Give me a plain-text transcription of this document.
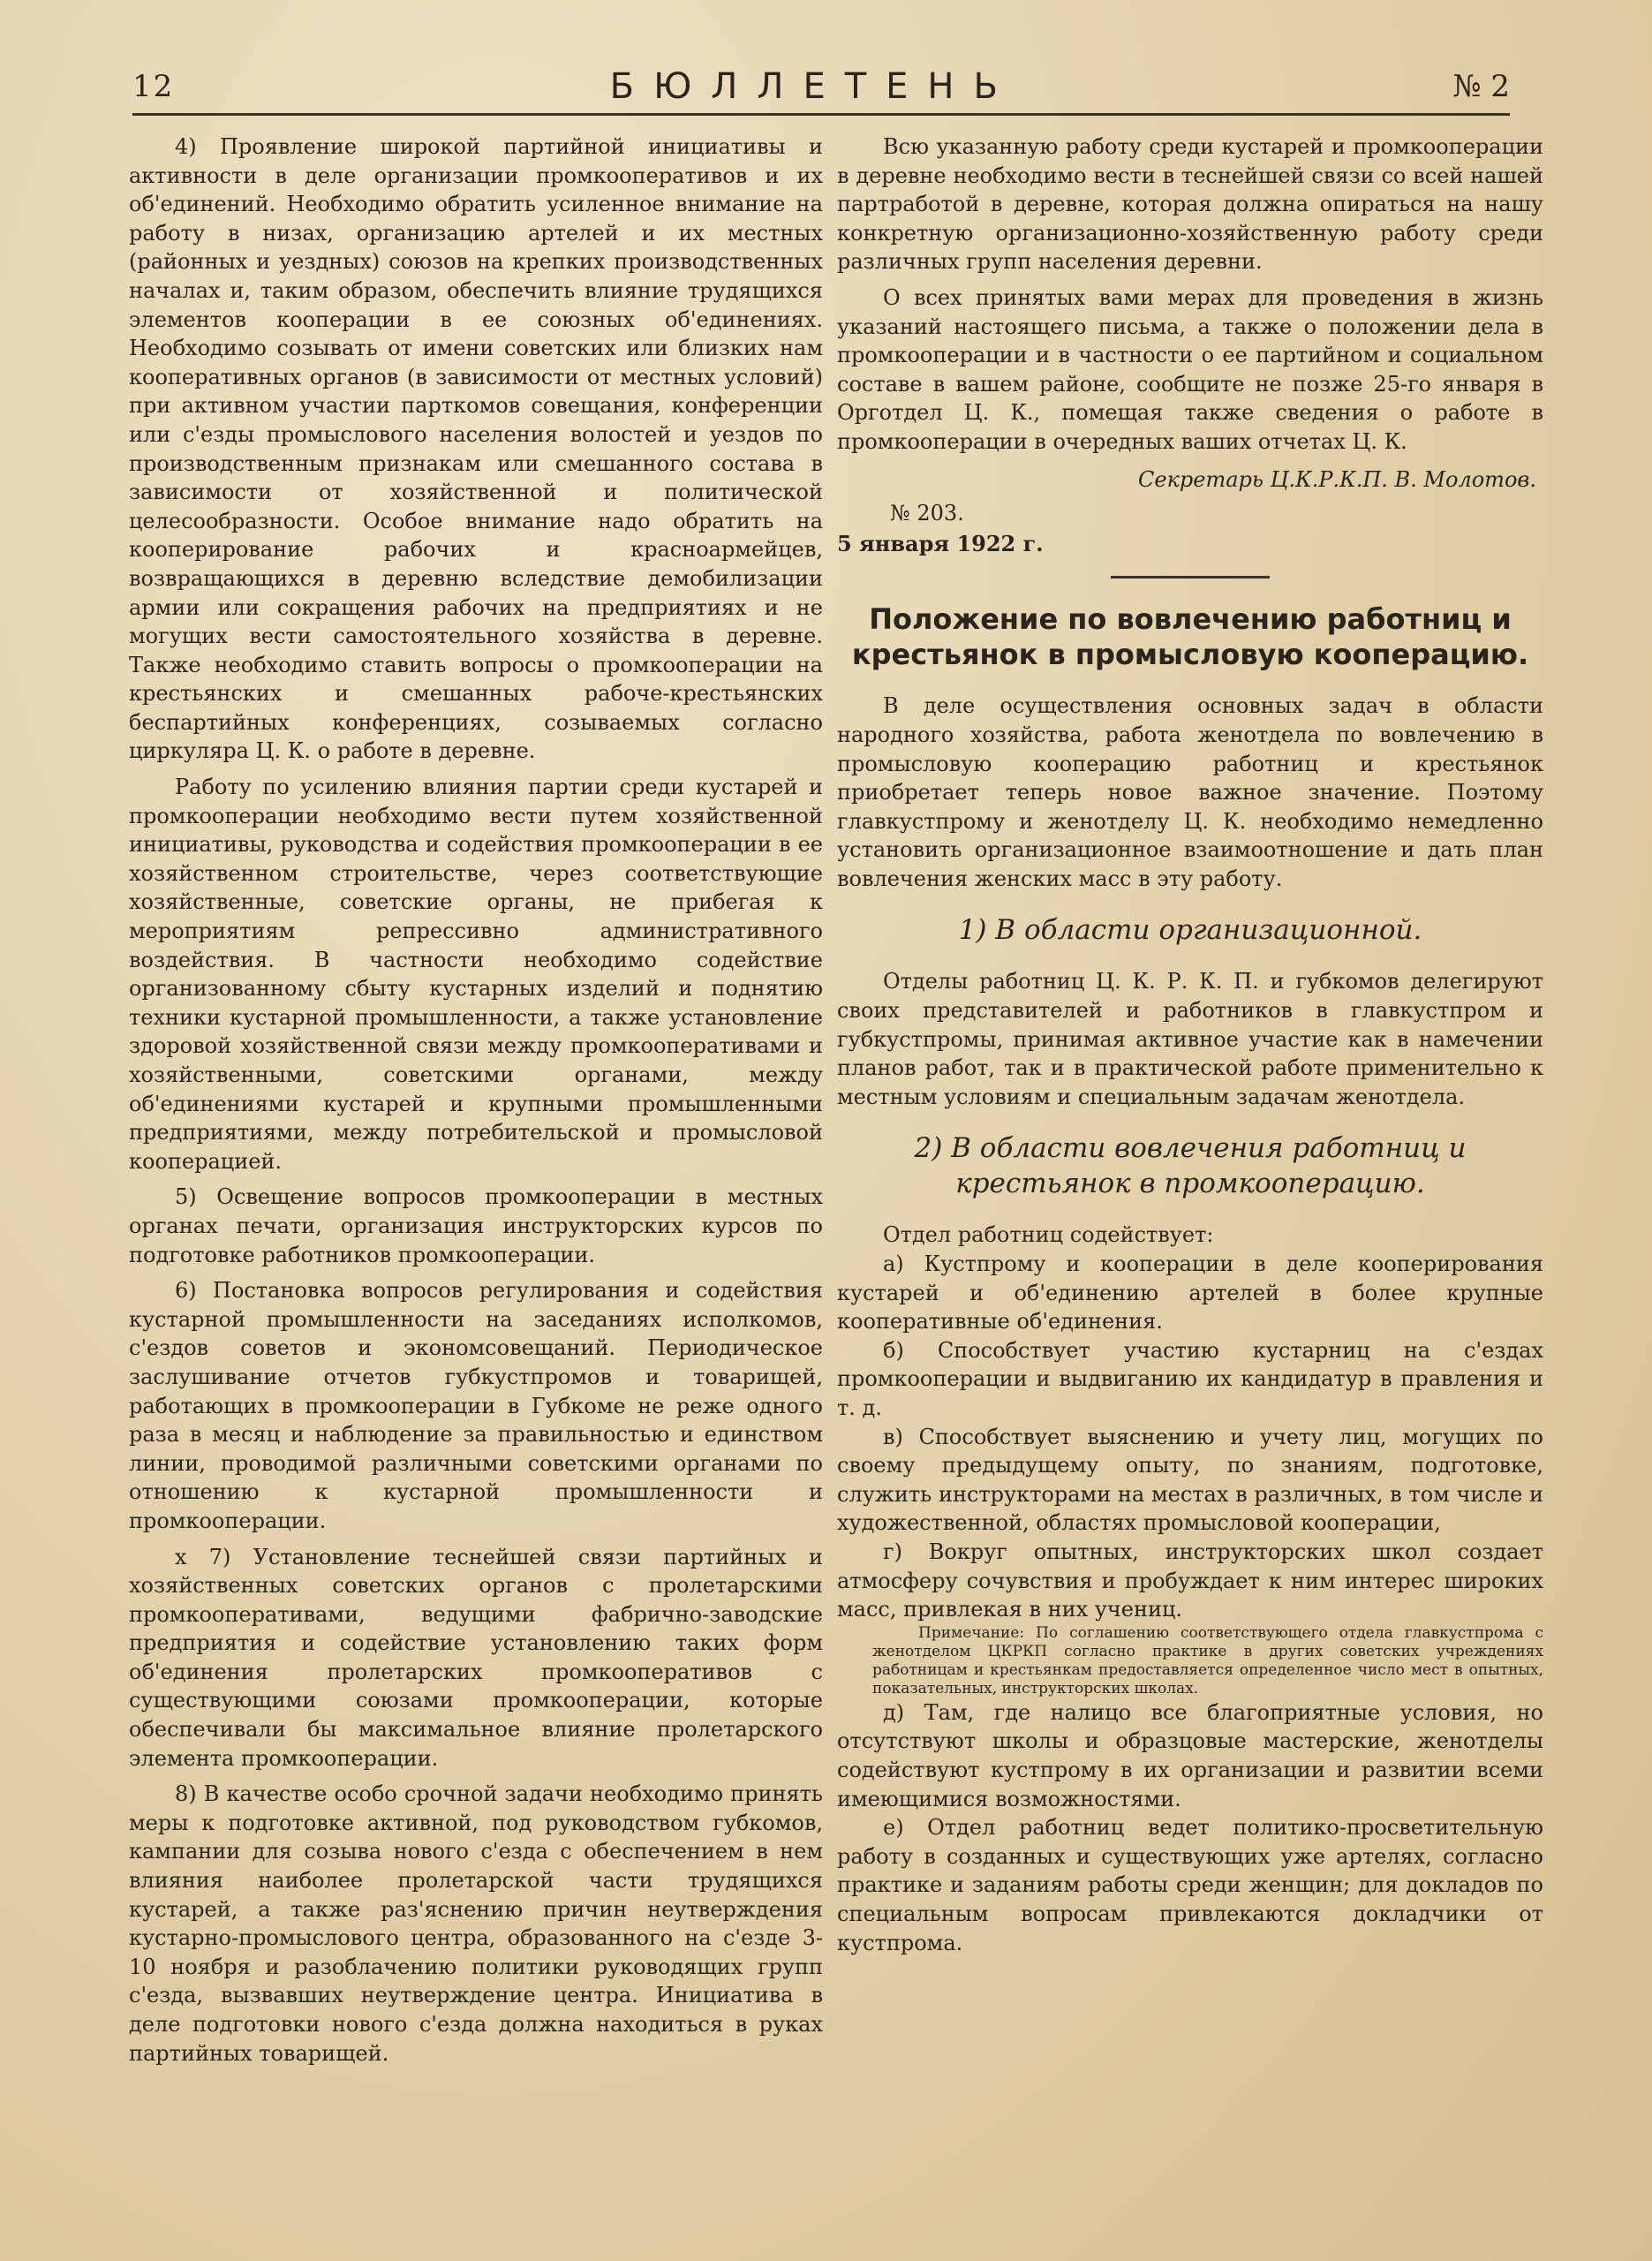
12	БЮЛЛЕТЕНЬ	№ 2

4) Проявление широкой партийной инициативы и активности в деле организации промкооперативов и их об'единений. Необходимо обратить усиленное внимание на работу в низах, организацию артелей и их местных (районных и уездных) союзов на крепких производственных началах и, таким образом, обеспечить влияние трудящихся элементов кооперации в ее союзных об'единениях. Необходимо созывать от имени советских или близких нам кооперативных органов (в зависимости от местных условий) при активном участии парткомов совещания, конференции или с'езды промыслового населения волостей и уездов по производственным признакам или смешанного состава в зависимости от хозяйственной и политической целесообразности. Особое внимание надо обратить на кооперирование рабочих и красноармейцев, возвращающихся в деревню вследствие демобилизации армии или сокращения рабочих на предприятиях и не могущих вести самостоятельного хозяйства в деревне. Также необходимо ставить вопросы о промкооперации на крестьянских и смешанных рабоче-крестьянских беспартийных конференциях, созываемых согласно циркуляра Ц. К. о работе в деревне.

Работу по усилению влияния партии среди кустарей и промкооперации необходимо вести путем хозяйственной инициативы, руководства и содействия промкооперации в ее хозяйственном строительстве, через соответствующие хозяйственные, советские органы, не прибегая к мероприятиям репрессивно административного воздействия. В частности необходимо содействие организованному сбыту кустарных изделий и поднятию техники кустарной промышленности, а также установление здоровой хозяйственной связи между промкооперативами и хозяйственными, советскими органами, между об'единениями кустарей и крупными промышленными предприятиями, между потребительской и промысловой кооперацией.

5) Освещение вопросов промкооперации в местных органах печати, организация инструкторских курсов по подготовке работников промкооперации.

6) Постановка вопросов регулирования и содействия кустарной промышленности на заседаниях исполкомов, с'ездов советов и экономсовещаний. Периодическое заслушивание отчетов губкустпромов и товарищей, работающих в промкооперации в Губкоме не реже одного раза в месяц и наблюдение за правильностью и единством линии, проводимой различными советскими органами по отношению к кустарной промышленности и промкооперации.

x 7) Установление теснейшей связи партийных и хозяйственных советских органов с пролетарскими промкооперативами, ведущими фабрично-заводские предприятия и содействие установлению таких форм об'единения пролетарских промкооперативов с существующими союзами промкооперации, которые обеспечивали бы максимальное влияние пролетарского элемента промкооперации.

8) В качестве особо срочной задачи необходимо принять меры к подготовке активной, под руководством губкомов, кампании для созыва нового с'езда с обеспечением в нем влияния наиболее пролетарской части трудящихся кустарей, а также раз'яснению причин неутверждения кустарно-промыслового центра, образованного на с'езде 3-10 ноября и разоблачению политики руководящих групп с'езда, вызвавших неутверждение центра. Инициатива в деле подготовки нового с'езда должна находиться в руках партийных товарищей.

Всю указанную работу среди кустарей и промкооперации в деревне необходимо вести в теснейшей связи со всей нашей партработой в деревне, которая должна опираться на нашу конкретную организационно-хозяйственную работу среди различных групп населения деревни.

О всех принятых вами мерах для проведения в жизнь указаний настоящего письма, а также о положении дела в промкооперации и в частности о ее партийном и социальном составе в вашем районе, сообщите не позже 25-го января в Орготдел Ц. К., помещая также сведения о работе в промкооперации в очередных ваших отчетах Ц. К.

Секретарь Ц.К.Р.К.П. В. Молотов.
№ 203.
5 января 1922 г.
Положение по вовлечению работниц и крестьянок в промысловую кооперацию.

В деле осуществления основных задач в области народного хозяйства, работа женотдела по вовлечению в промысловую кооперацию работниц и крестьянок приобретает теперь новое важное значение. Поэтому главкустпрому и женотделу Ц. К. необходимо немедленно установить организационное взаимоотношение и дать план вовлечения женских масс в эту работу.

1) В области организационной.

Отделы работниц Ц. К. Р. К. П. и губкомов делегируют своих представителей и работников в главкустпром и губкустпромы, принимая активное участие как в намечении планов работ, так и в практической работе применительно к местным условиям и специальным задачам женотдела.

2) В области вовлечения работниц и крестьянок в промкооперацию.

Отдел работниц содействует:

а) Кустпрому и кооперации в деле кооперирования кустарей и об'единению артелей в более крупные кооперативные об'единения.

б) Способствует участию кустарниц на с'ездах промкооперации и выдвиганию их кандидатур в правления и т. д.

в) Способствует выяснению и учету лиц, могущих по своему предыдущему опыту, по знаниям, подготовке, служить инструкторами на местах в различных, в том числе и художественной, областях промысловой кооперации,

г) Вокруг опытных, инструкторских школ создает атмосферу сочувствия и пробуждает к ним интерес широких масс, привлекая в них учениц.

Примечание: По соглашению соответствующего отдела главкустпрома с женотделом ЦКРКП согласно практике в других советских учреждениях работницам и крестьянкам предоставляется определенное число мест в опытных, показательных, инструкторских школах.

д) Там, где налицо все благоприятные условия, но отсутствуют школы и образцовые мастерские, женотделы содействуют кустпрому в их организации и развитии всеми имеющимися возможностями.

е) Отдел работниц ведет политико-просветительную работу в созданных и существующих уже артелях, согласно практике и заданиям работы среди женщин; для докладов по специальным вопросам привлекаются докладчики от кустпрома.
